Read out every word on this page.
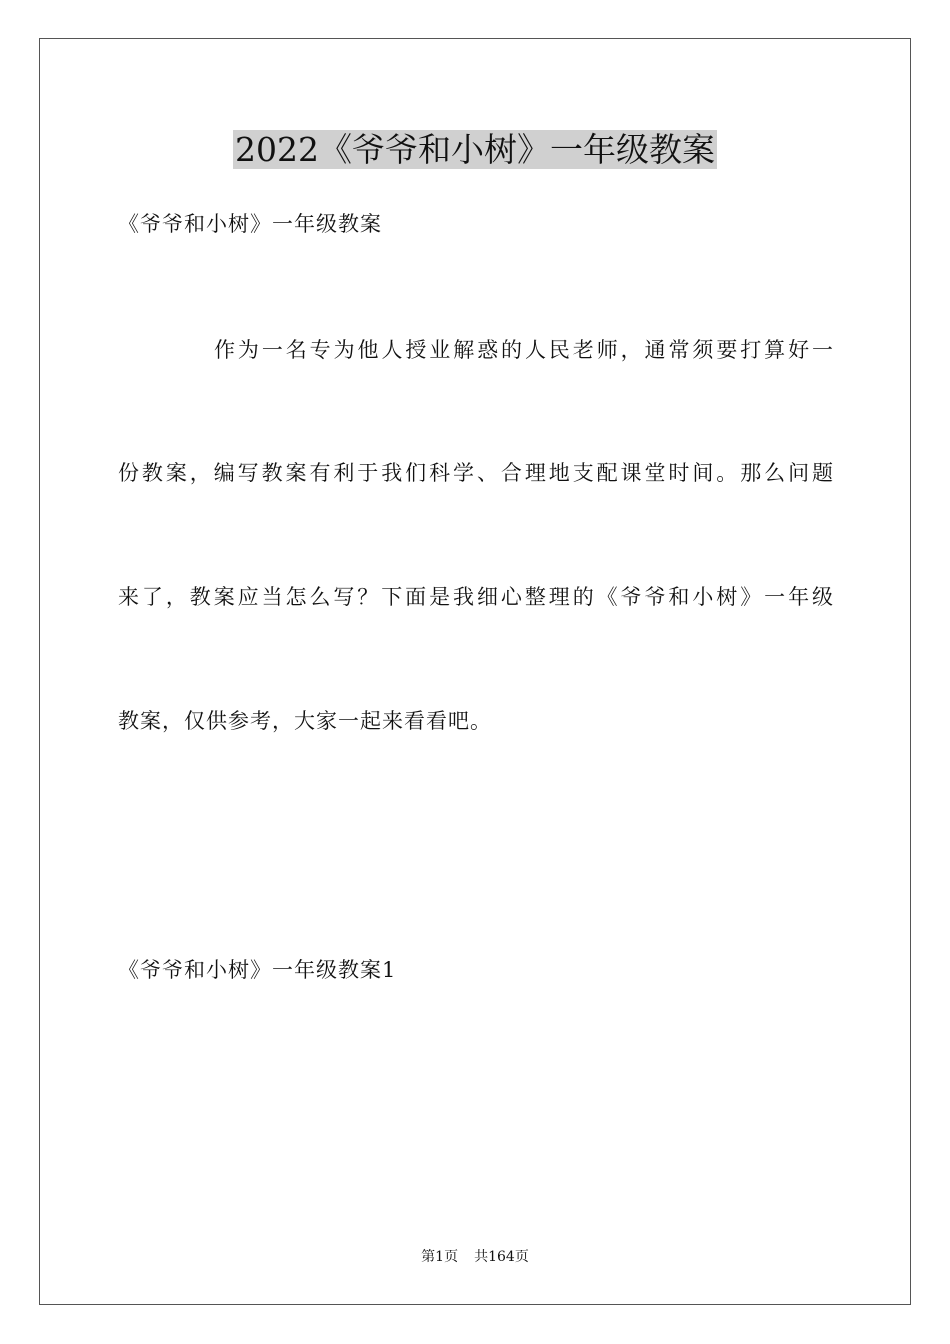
2022《爷爷和小树》一年级教案
《爷爷和小树》一年级教案
作为一名专为他人授业解惑的人民老师，通常须要打算好一
份教案，编写教案有利于我们科学、合理地支配课堂时间。那么问题
来了，教案应当怎么写？下面是我细心整理的《爷爷和小树》一年级
教案，仅供参考，大家一起来看看吧。
《爷爷和小树》一年级教案1
第1页 共164页
